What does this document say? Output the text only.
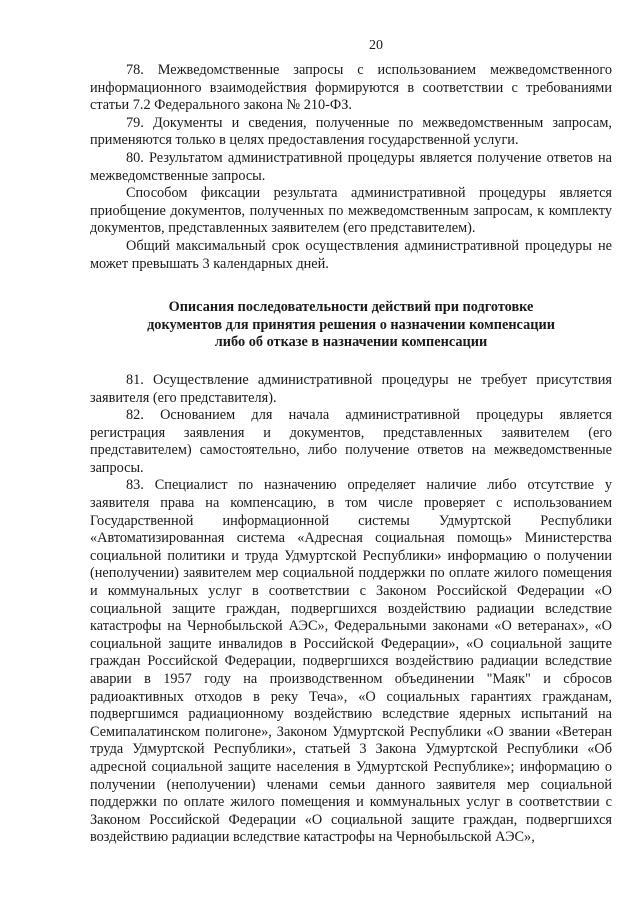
20

78. Межведомственные запросы с использованием межведомственного информационного взаимодействия формируются в соответствии с требованиями статьи 7.2 Федерального закона № 210-ФЗ.

79. Документы и сведения, полученные по межведомственным запросам, применяются только в целях предоставления государственной услуги.

80. Результатом административной процедуры является получение ответов на межведомственные запросы.

Способом фиксации результата административной процедуры является приобщение документов, полученных по межведомственным запросам, к комплекту документов, представленных заявителем (его представителем).

Общий максимальный срок осуществления административной процедуры не может превышать 3 календарных дней.

Описания последовательности действий при подготовке

документов для принятия решения о назначении компенсации

либо об отказе в назначении компенсации

81. Осуществление административной процедуры не требует присутствия заявителя (его представителя).

82. Основанием для начала административной процедуры является регистрация заявления и документов, представленных заявителем (его представителем) самостоятельно, либо получение ответов на межведомственные запросы.

83. Специалист по назначению определяет наличие либо отсутствие у заявителя права на компенсацию, в том числе проверяет с использованием Государственной информационной системы Удмуртской Республики «Автоматизированная система «Адресная социальная помощь» Министерства социальной политики и труда Удмуртской Республики» информацию о получении (неполучении) заявителем мер социальной поддержки по оплате жилого помещения и коммунальных услуг в соответствии с Законом Российской Федерации «О социальной защите граждан, подвергшихся воздействию радиации вследствие катастрофы на Чернобыльской АЭС», Федеральными законами «О ветеранах», «О социальной защите инвалидов в Российской Федерации», «О социальной защите граждан Российской Федерации, подвергшихся воздействию радиации вследствие аварии в 1957 году на производственном объединении "Маяк" и сбросов радиоактивных отходов в реку Теча», «О социальных гарантиях гражданам, подвергшимся радиационному воздействию вследствие ядерных испытаний на Семипалатинском полигоне», Законом Удмуртской Республики «О звании «Ветеран труда Удмуртской Республики», статьей 3 Закона Удмуртской Республики «Об адресной социальной защите населения в Удмуртской Республике»; информацию о получении (неполучении) членами семьи данного заявителя мер социальной поддержки по оплате жилого помещения и коммунальных услуг в соответствии с Законом Российской Федерации «О социальной защите граждан, подвергшихся воздействию радиации вследствие катастрофы на Чернобыльской АЭС»,
